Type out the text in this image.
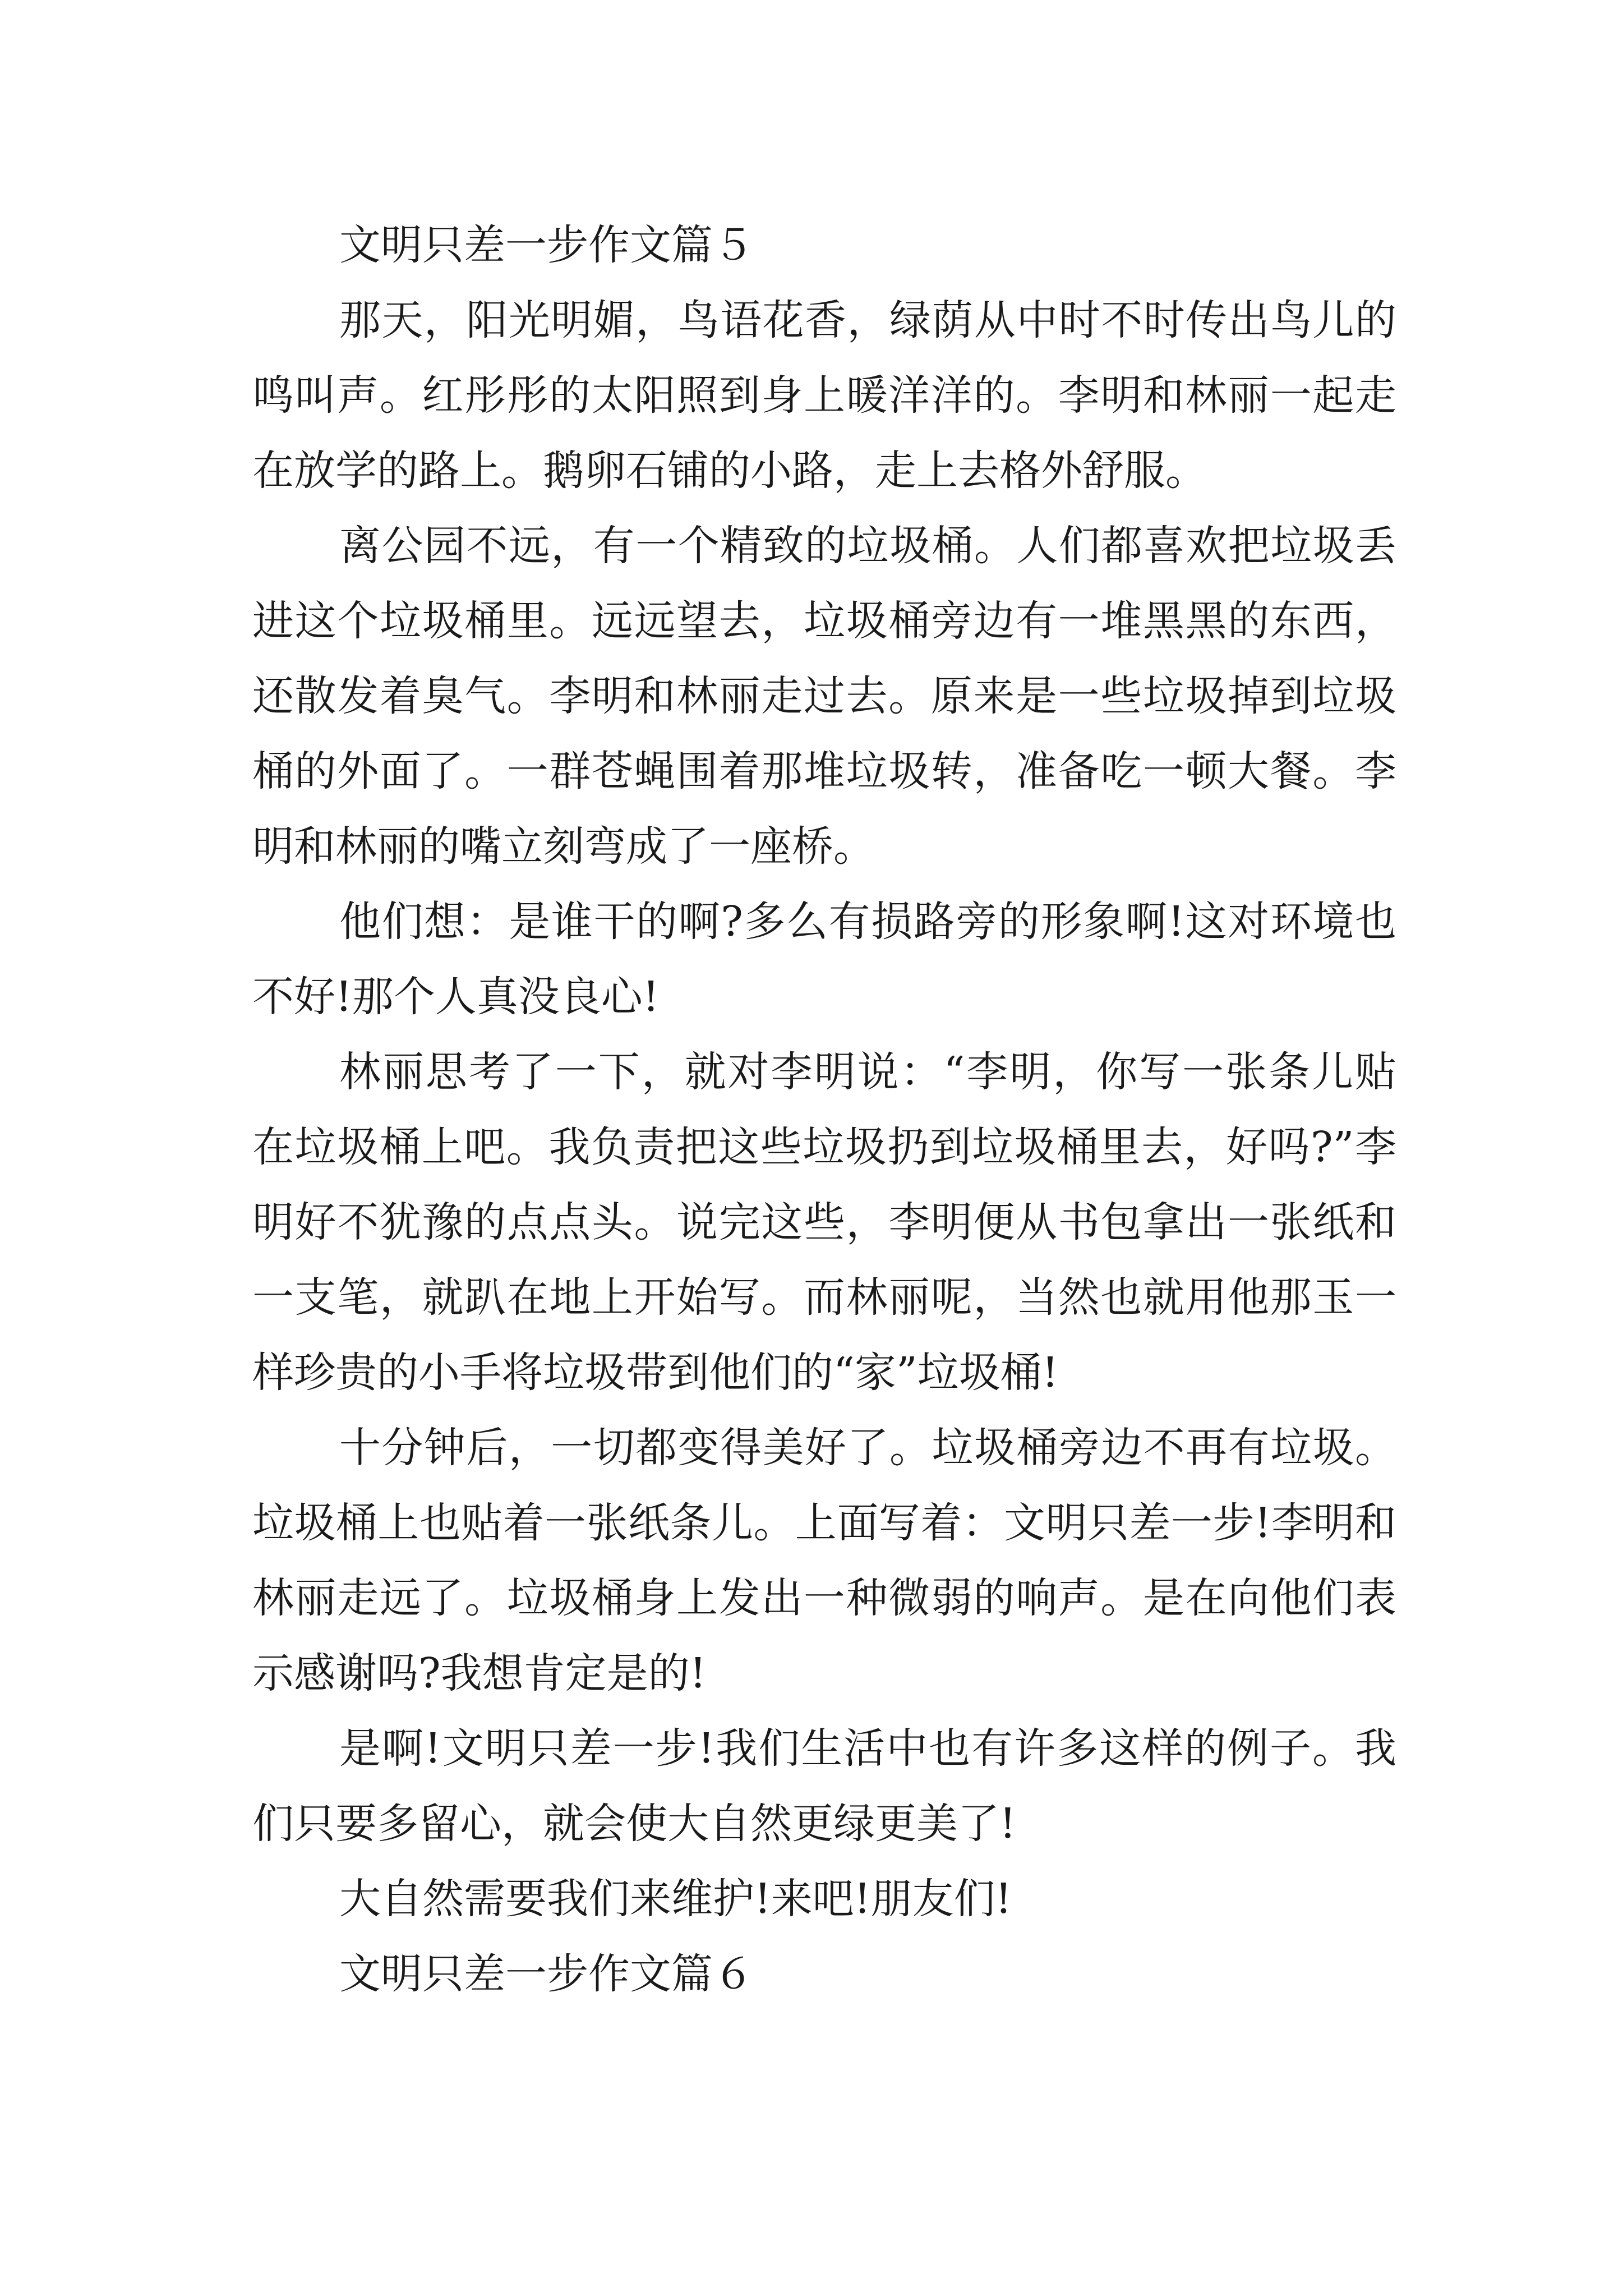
文明只差一步作文篇５

那天，阳光明媚，鸟语花香，绿荫从中时不时传出鸟儿的鸣叫声。红彤彤的太阳照到身上暖洋洋的。李明和林丽一起走在放学的路上。鹅卵石铺的小路，走上去格外舒服。

离公园不远，有一个精致的垃圾桶。人们都喜欢把垃圾丢进这个垃圾桶里。远远望去，垃圾桶旁边有一堆黑黑的东西，还散发着臭气。李明和林丽走过去。原来是一些垃圾掉到垃圾桶的外面了。一群苍蝇围着那堆垃圾转，准备吃一顿大餐。李明和林丽的嘴立刻弯成了一座桥。

他们想：是谁干的啊?多么有损路旁的形象啊!这对环境也不好!那个人真没良心!

林丽思考了一下，就对李明说：“李明，你写一张条儿贴在垃圾桶上吧。我负责把这些垃圾扔到垃圾桶里去，好吗?”李明好不犹豫的点点头。说完这些，李明便从书包拿出一张纸和一支笔，就趴在地上开始写。而林丽呢，当然也就用他那玉一样珍贵的小手将垃圾带到他们的“家”垃圾桶!

十分钟后，一切都变得美好了。垃圾桶旁边不再有垃圾。垃圾桶上也贴着一张纸条儿。上面写着：文明只差一步!李明和林丽走远了。垃圾桶身上发出一种微弱的响声。是在向他们表示感谢吗?我想肯定是的!

是啊!文明只差一步!我们生活中也有许多这样的例子。我们只要多留心，就会使大自然更绿更美了!

大自然需要我们来维护!来吧!朋友们!

文明只差一步作文篇６
